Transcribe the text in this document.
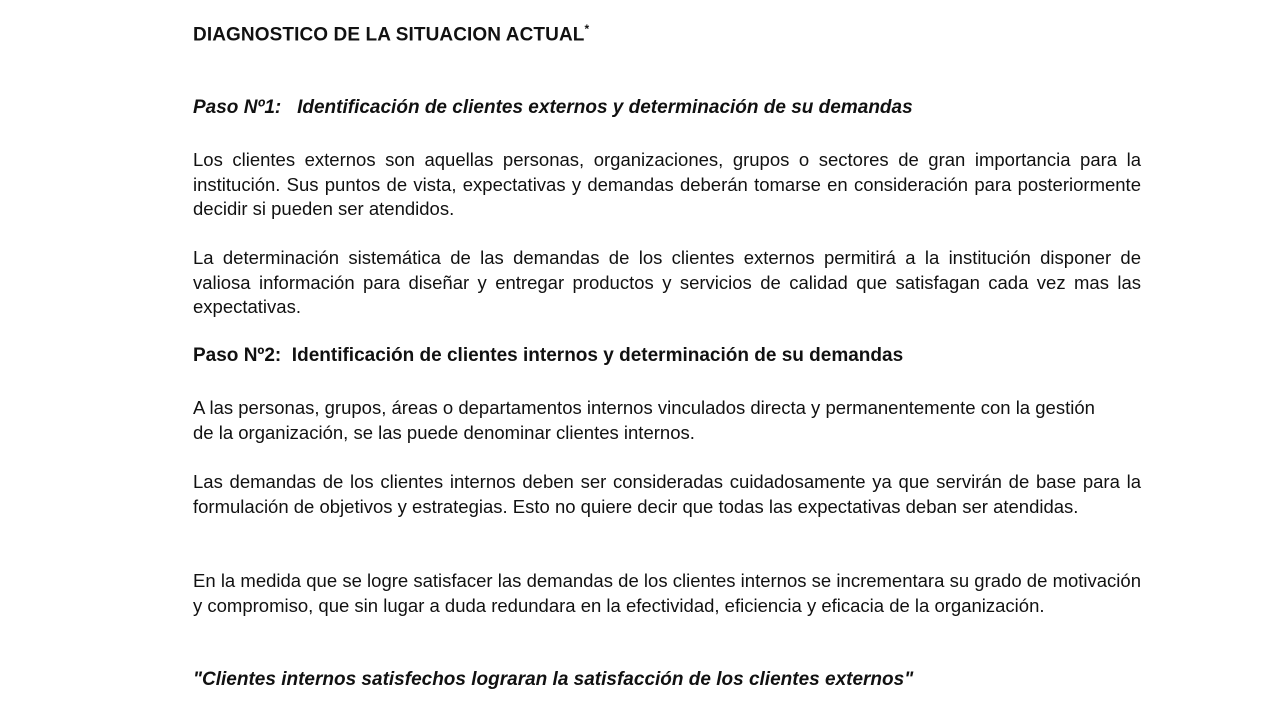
DIAGNOSTICO DE LA SITUACION ACTUAL*
Paso Nº1:   Identificación de clientes externos y determinación de su demandas

Los clientes externos son aquellas personas, organizaciones, grupos o sectores de gran importancia para la institución. Sus puntos de vista, expectativas y demandas deberán tomarse en consideración para posteriormente decidir si pueden ser atendidos.

La determinación sistemática de las demandas de los clientes externos permitirá a la institución disponer de valiosa información para diseñar y entregar productos y servicios de calidad que satisfagan cada vez mas las expectativas.

Paso Nº2:  Identificación de clientes internos y determinación de su demandas

A las personas, grupos, áreas o departamentos internos vinculados directa y permanentemente con la gestión de la organización, se las puede denominar clientes internos.

Las demandas de los clientes internos deben ser consideradas cuidadosamente ya que servirán de base para la formulación de objetivos y estrategias. Esto no quiere decir que todas las expectativas deban ser atendidas.

En la medida que se logre satisfacer las demandas de los clientes internos se incrementara su grado de motivación y compromiso, que sin lugar a duda redundara en la efectividad, eficiencia y eficacia de la organización.

"Clientes internos satisfechos lograran la satisfacción de los clientes externos"
